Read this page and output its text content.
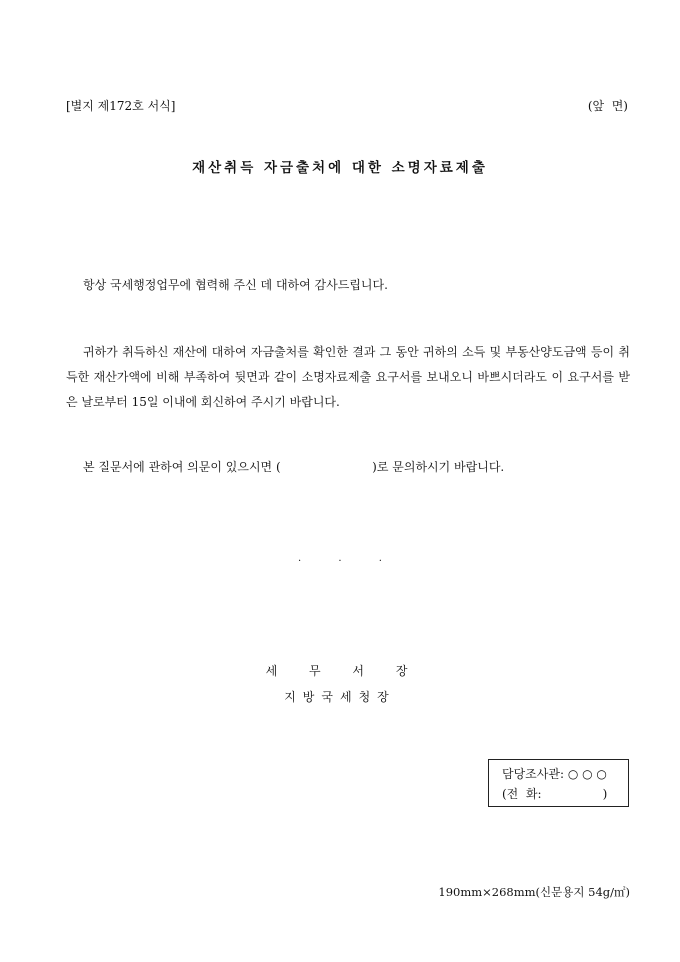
[별지 제172호 서식]	(앞  면)
재산취득 자금출처에 대한 소명자료제출

항상 국세행정업무에 협력해 주신 데 대하여 감사드립니다.

귀하가 취득하신 재산에 대하여 자금출처를 확인한 결과 그 동안 귀하의 소득 및 부동산양도금액 등이 취득한 재산가액에 비해 부족하여 뒷면과 같이 소명자료제출 요구서를 보내오니 바쁘시더라도 이 요구서를 받은 날로부터 15일 이내에 회신하여 주시기 바랍니다.

본 질문서에 관하여 의문이 있으시면 (                        )로 문의하시기 바랍니다.

. . .
세 무 서 장
지방국세청장
담당조사관: ○ ○ ○
(전  화:                )
190mm×268mm(신문용지 54g/㎡)
